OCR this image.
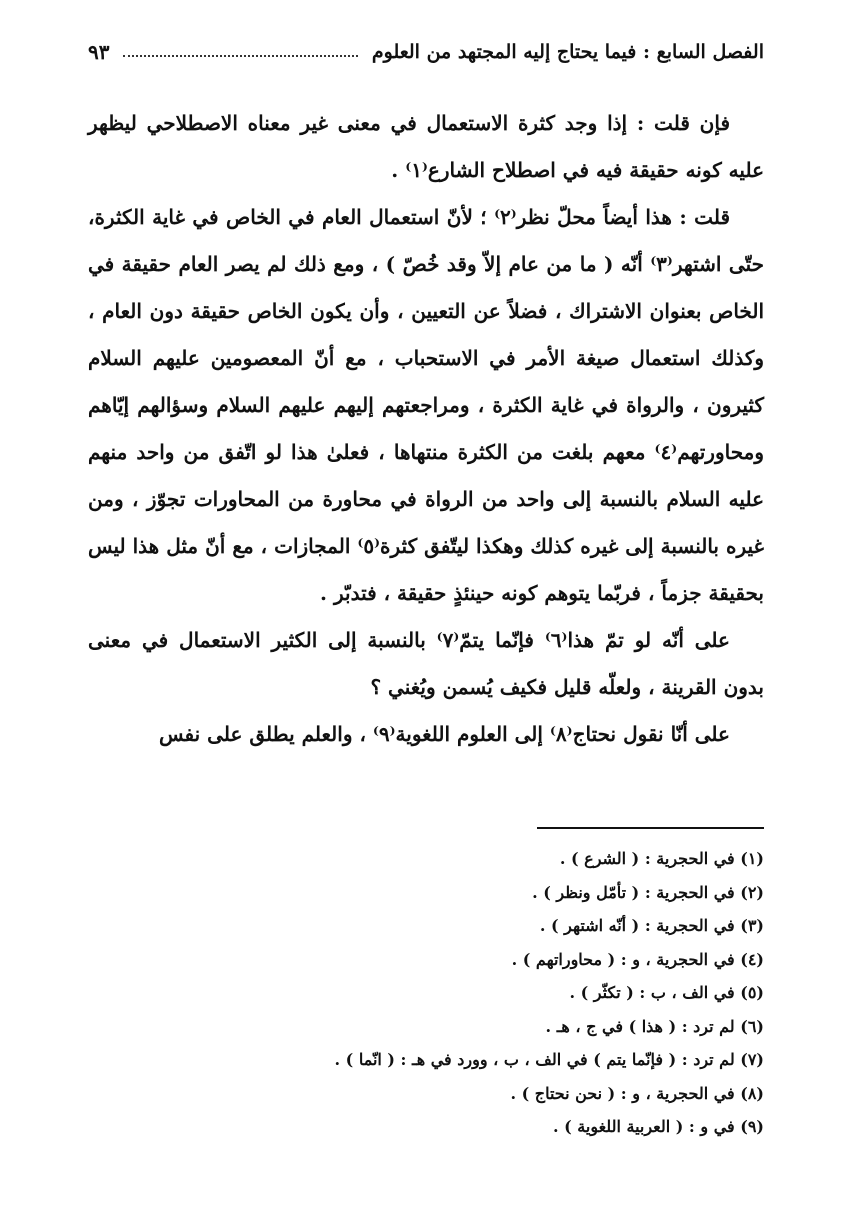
الفصل السابع : فيما يحتاج إليه المجتهد من العلوم
٩٣

فإن قلت : إذا وجد كثرة الاستعمال في معنى غير معناه الاصطلاحي ليظهر عليه كونه حقيقة فيه في اصطلاح الشارع⁽١⁾ .

قلت : هذا أيضاً محلّ نظر⁽٢⁾ ؛ لأنّ استعمال العام في الخاص في غاية الكثرة، حتّى اشتهر⁽٣⁾ أنّه ( ما من عام إلاّ وقد خُصّ ) ، ومع ذلك لم يصر العام حقيقة في الخاص بعنوان الاشتراك ، فضلاً عن التعيين ، وأن يكون الخاص حقيقة دون العام ، وكذلك استعمال صيغة الأمر في الاستحباب ، مع أنّ المعصومين عليهم السلام كثيرون ، والرواة في غاية الكثرة ، ومراجعتهم إليهم عليهم السلام وسؤالهم إيّاهم ومحاورتهم⁽٤⁾ معهم بلغت من الكثرة منتهاها ، فعلىٰ هذا لو اتّفق من واحد منهم عليه السلام بالنسبة إلى واحد من الرواة في محاورة من المحاورات تجوّز ، ومن غيره بالنسبة إلى غيره كذلك وهكذا ليتّفق كثرة⁽٥⁾ المجازات ، مع أنّ مثل هذا ليس بحقيقة جزماً ، فربّما يتوهم كونه حينئذٍ حقيقة ، فتدبّر .

على أنّه لو تمّ هذا⁽٦⁾ فإنّما يتمّ⁽٧⁾ بالنسبة إلى الكثير الاستعمال في معنى بدون القرينة ، ولعلّه قليل فكيف يُسمن ويُغني ؟

على أنّا نقول نحتاج⁽٨⁾ إلى العلوم اللغوية⁽٩⁾ ، والعلم يطلق على نفس

(١) في الحجرية : ( الشرع ) .
(٢) في الحجرية : ( تأمّل ونظر ) .
(٣) في الحجرية : ( أنّه اشتهر ) .
(٤) في الحجرية ، و : ( محاوراتهم ) .
(٥) في الف ، ب : ( تكثّر ) .
(٦) لم ترد : ( هذا ) في ج ، هـ .
(٧) لم ترد : ( فإنّما يتم ) في الف ، ب ، وورد في هـ : ( انّما ) .
(٨) في الحجرية ، و : ( نحن نحتاج ) .
(٩) في و : ( العربية اللغوية ) .
